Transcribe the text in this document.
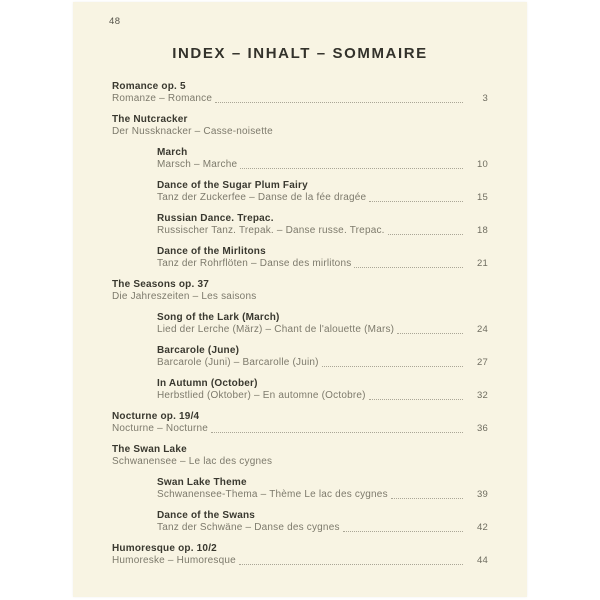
48
INDEX – INHALT – SOMMAIRE
Romance op. 5
Romanze – Romance	3
The Nutcracker
Der Nussknacker – Casse-noisette
March
Marsch – Marche	10
Dance of the Sugar Plum Fairy
Tanz der Zuckerfee – Danse de la fée dragée	15
Russian Dance. Trepac.
Russischer Tanz. Trepak. – Danse russe. Trepac.	18
Dance of the Mirlitons
Tanz der Rohrflöten – Danse des mirlitons	21
The Seasons op. 37
Die Jahreszeiten – Les saisons
Song of the Lark (March)
Lied der Lerche (März) – Chant de l'alouette (Mars)	24
Barcarole (June)
Barcarole (Juni) – Barcarolle (Juin)	27
In Autumn (October)
Herbstlied (Oktober) – En automne (Octobre)	32
Nocturne op. 19/4
Nocturne – Nocturne	36
The Swan Lake
Schwanensee – Le lac des cygnes
Swan Lake Theme
Schwanensee-Thema – Thème Le lac des cygnes	39
Dance of the Swans
Tanz der Schwäne – Danse des cygnes	42
Humoresque op. 10/2
Humoreske – Humoresque	44
